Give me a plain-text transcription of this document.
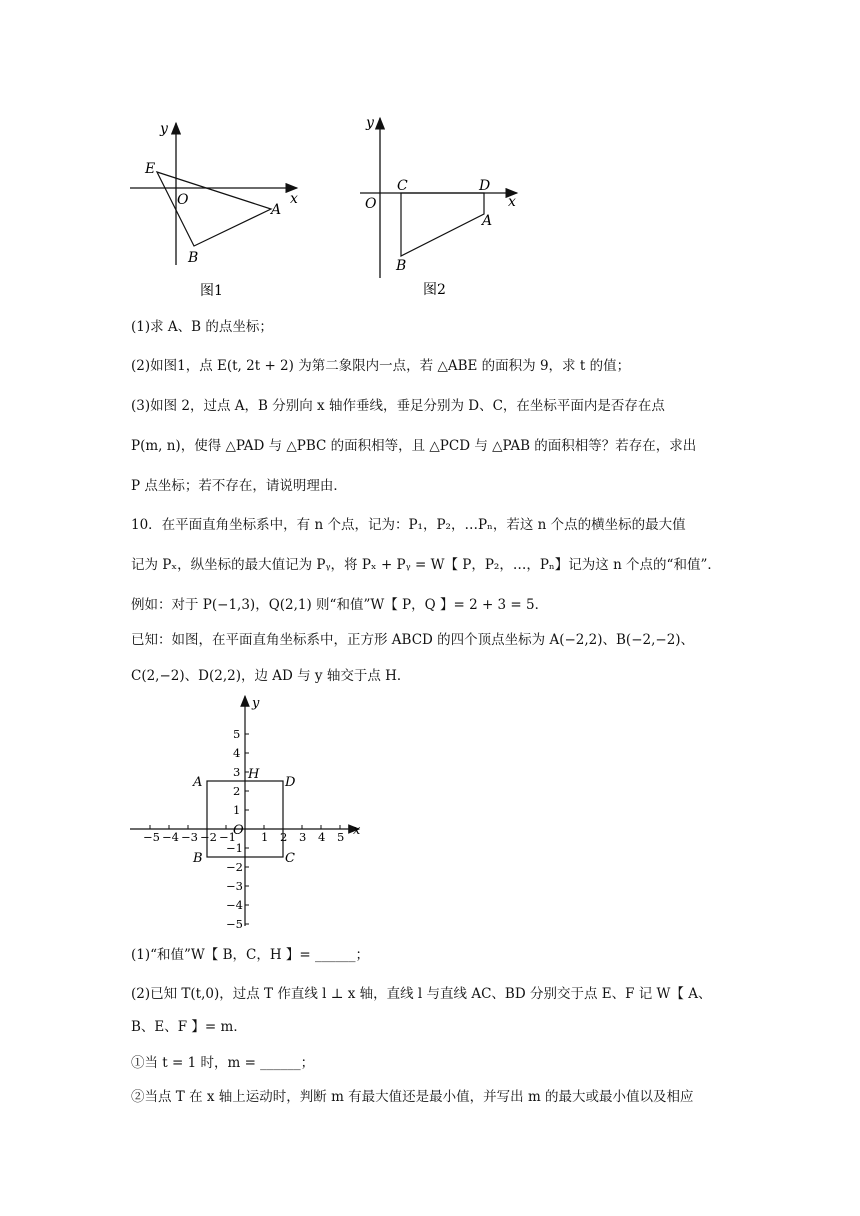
y
x
O
E
A
B
图1
y
x
O
C	D
A
B
图2
(1)求 A、B 的点坐标；
(2)如图1，点 E(t, 2t + 2) 为第二象限内一点，若 △ABE 的面积为 9，求 t 的值；
(3)如图 2，过点 A，B 分别向 x 轴作垂线，垂足分别为 D、C，在坐标平面内是否存在点
P(m, n)，使得 △PAD 与 △PBC 的面积相等，且 △PCD 与 △PAB 的面积相等？若存在，求出
P 点坐标；若不存在，请说明理由．
10．在平面直角坐标系中，有 n 个点，记为：P₁，P₂，…Pₙ，若这 n 个点的横坐标的最大值
记为 Pₓ，纵坐标的最大值记为 Pᵧ，将 Pₓ + Pᵧ = W【 P，P₂，…，Pₙ】记为这 n 个点的“和值”．
例如：对于 P(−1,3)，Q(2,1) 则“和值”W【 P，Q 】= 2 + 3 = 5．
已知：如图，在平面直角坐标系中，正方形 ABCD 的四个顶点坐标为 A(−2,2)、B(−2,−2)、
C(2,−2)、D(2,2)，边 AD 与 y 轴交于点 H．
−5 −4 −3 −2 −1 1 2 3 4 5
5
4
3
2
1
−1
−2
−3
−4
−5
y
x
O
A
B	C
D
H
(1)“和值”W【 B，C，H 】= ______；
(2)已知 T(t,0)，过点 T 作直线 l ⊥ x 轴，直线 l 与直线 AC、BD 分别交于点 E、F 记 W【 A、
B、E、F 】= m．
①当 t = 1 时，m = ______；
②当点 T 在 x 轴上运动时，判断 m 有最大值还是最小值，并写出 m 的最大或最小值以及相应
